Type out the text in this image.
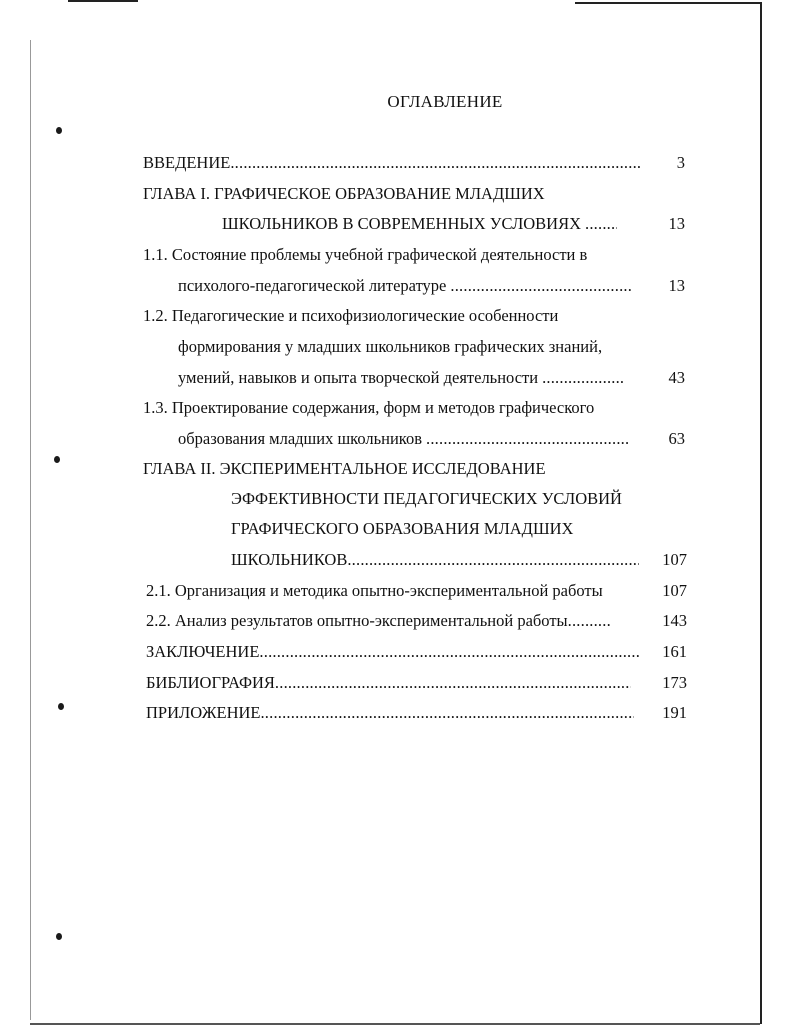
ОГЛАВЛЕНИЕ
ВВЕДЕНИЕ .....	3
ГЛАВА I. ГРАФИЧЕСКОЕ ОБРАЗОВАНИЕ МЛАДШИХ
ШКОЛЬНИКОВ В СОВРЕМЕННЫХ УСЛОВИЯХ .....	13
1.1. Состояние проблемы учебной графической деятельности в
психолого-педагогической литературе .....	13
1.2. Педагогические и психофизиологические особенности
формирования у младших школьников графических знаний,
умений, навыков и опыта творческой деятельности .....	43
1.3. Проектирование содержания, форм и методов графического
образования младших школьников .....	63
ГЛАВА II. ЭКСПЕРИМЕНТАЛЬНОЕ ИССЛЕДОВАНИЕ
ЭФФЕКТИВНОСТИ ПЕДАГОГИЧЕСКИХ УСЛОВИЙ
ГРАФИЧЕСКОГО ОБРАЗОВАНИЯ МЛАДШИХ
ШКОЛЬНИКОВ .....	107
2.1. Организация и методика опытно-экспериментальной работы	107
2.2. Анализ результатов опытно-экспериментальной работы .....	143
ЗАКЛЮЧЕНИЕ .....	161
БИБЛИОГРАФИЯ .....	173
ПРИЛОЖЕНИЕ .....	191
